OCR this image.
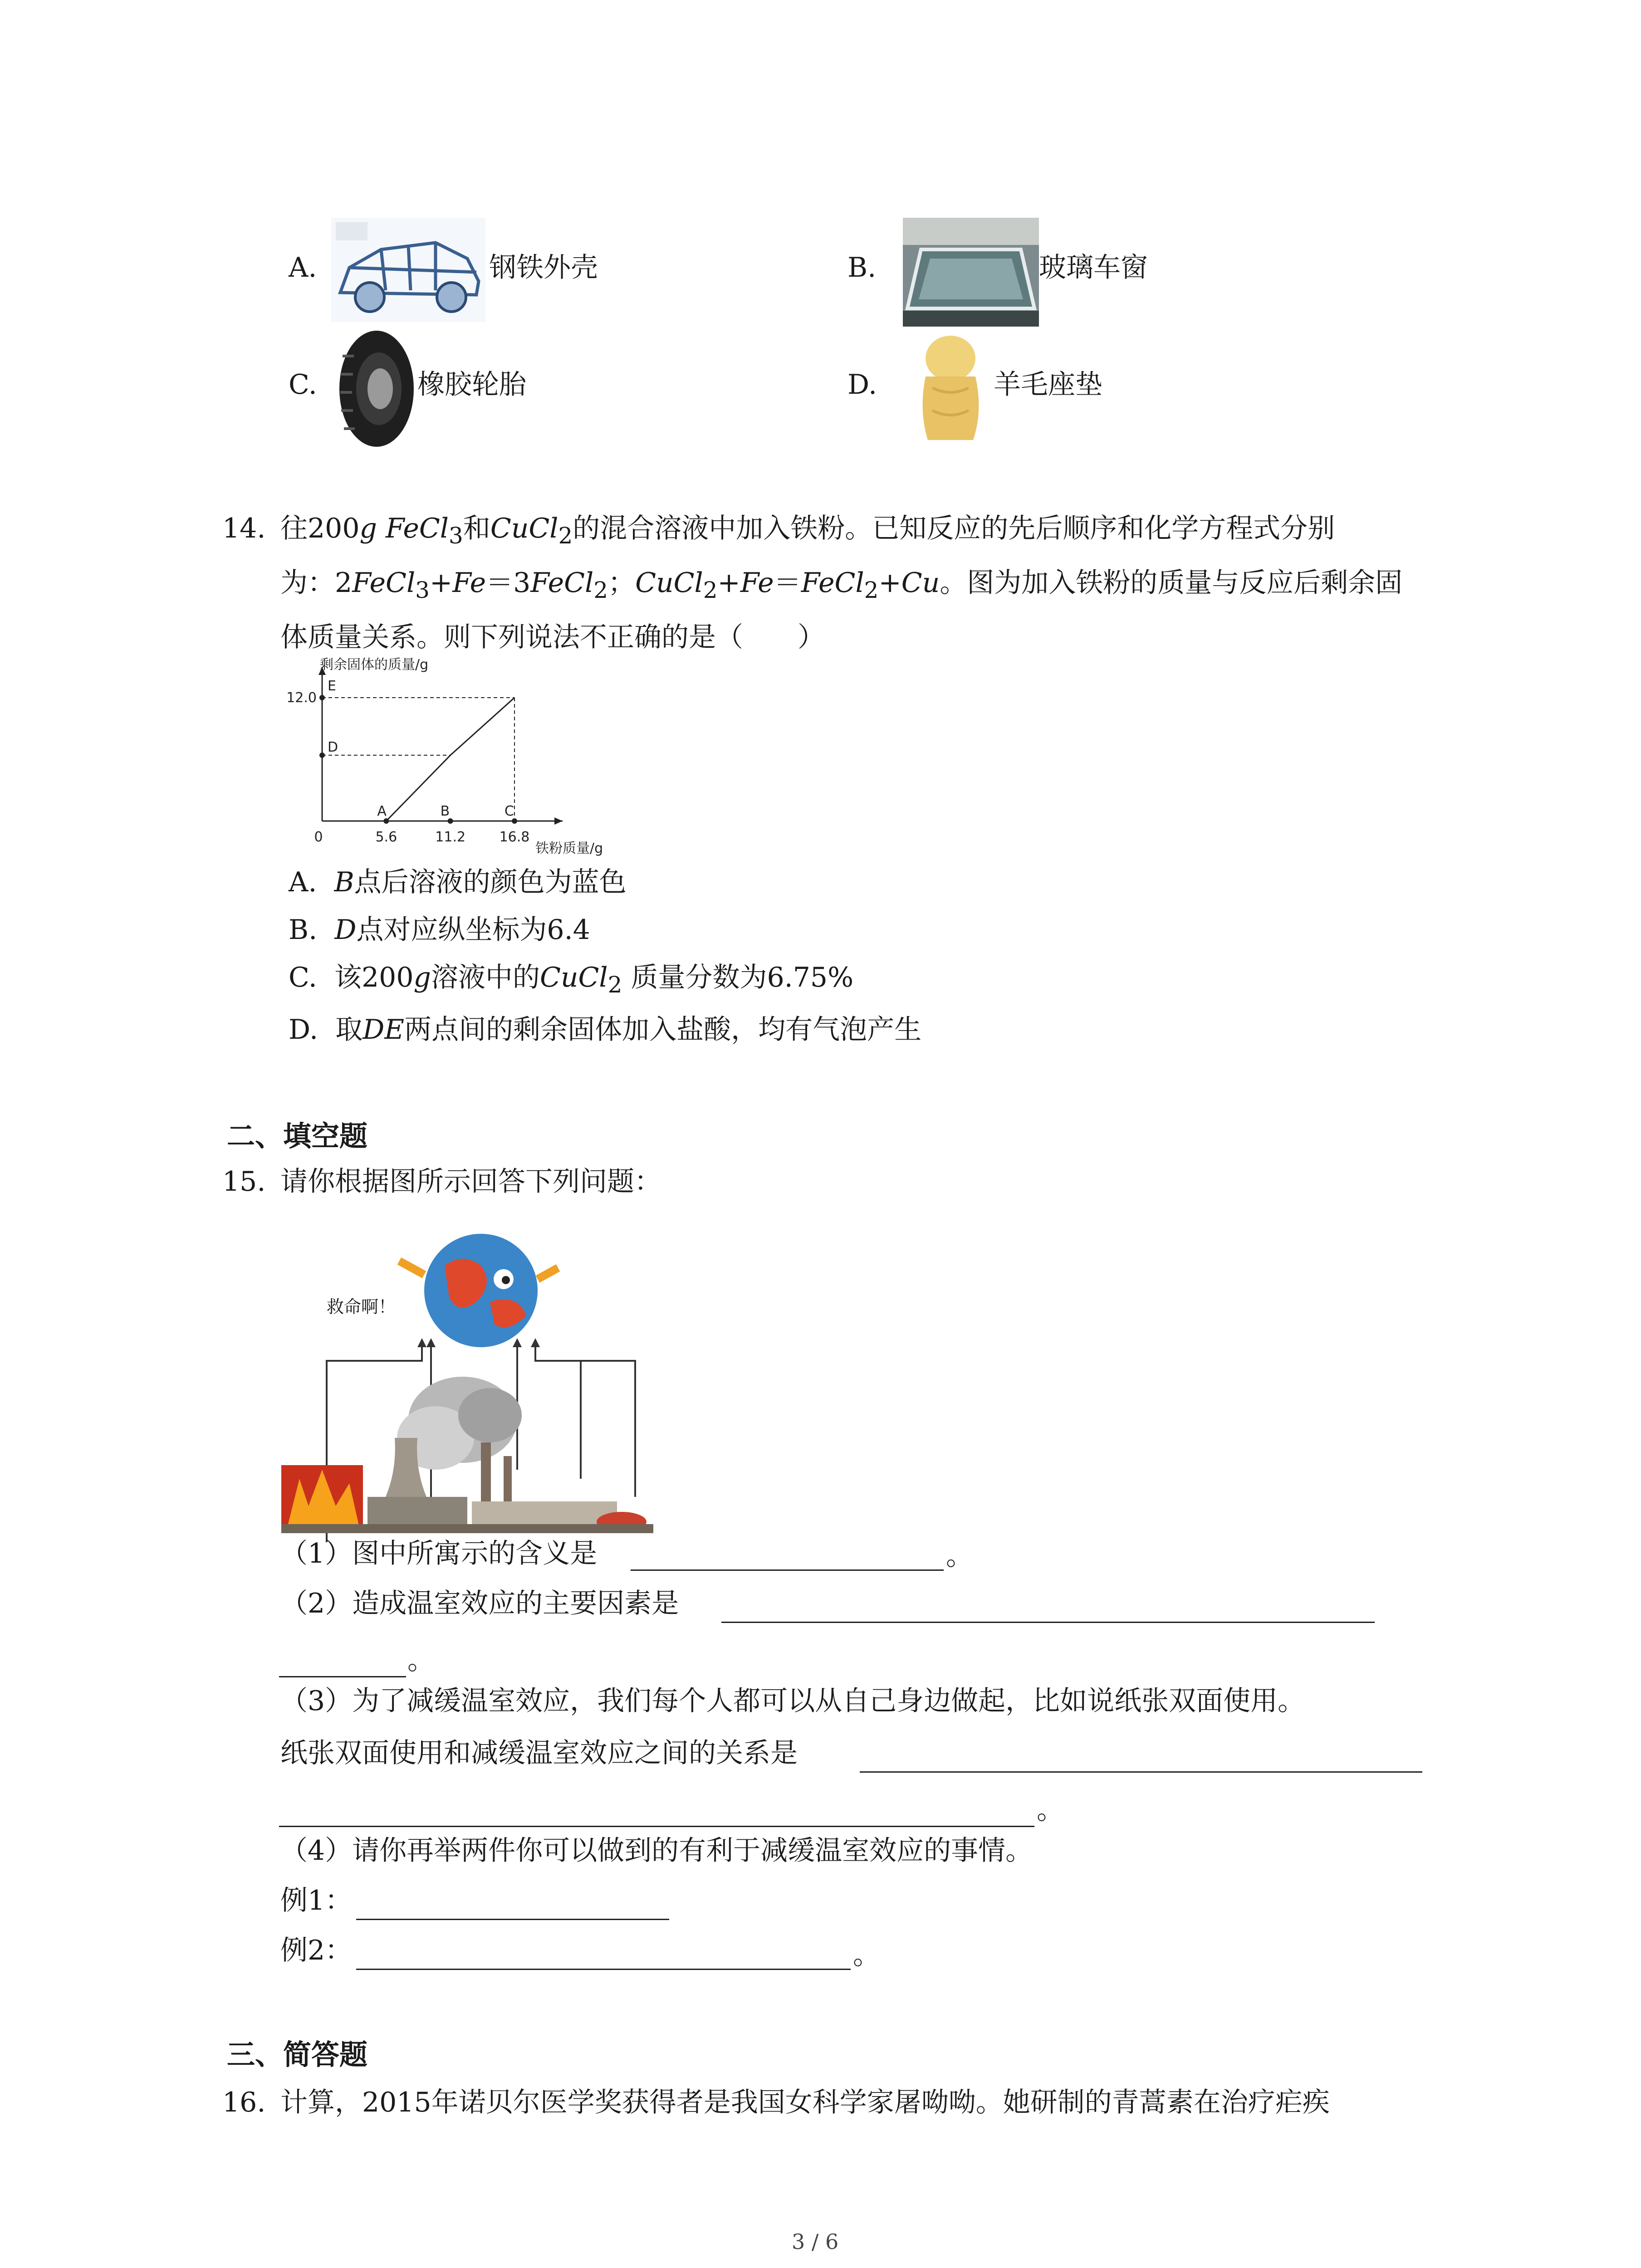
A.	钢铁外壳	B.	玻璃车窗
C.	橡胶轮胎	D.	羊毛座垫
14. 往200g FeCl$_3$和CuCl$_2$的混合溶液中加入铁粉。已知反应的先后顺序和化学方程式分别
为：2FeCl$_3$+Fe＝3FeCl$_2$；CuCl$_2$+Fe＝FeCl$_2$+Cu。图为加入铁粉的质量与反应后剩余固
体质量关系。则下列说法不正确的是（　　）
剩余固体的质量/g
铁粉质量/g
0	5.6	11.2 16.8
12.0
A	B	C
D
E
A. B点后溶液的颜色为蓝色
B. D点对应纵坐标为6.4
C. 该200g溶液中的CuCl$_2$ 质量分数为6.75%
D. 取DE两点间的剩余固体加入盐酸，均有气泡产生
二、填空题
15. 请你根据图所示回答下列问题：
救命啊！
（1）图中所寓示的含义是	。
（2）造成温室效应的主要因素是
。
（3）为了减缓温室效应，我们每个人都可以从自己身边做起，比如说纸张双面使用。
纸张双面使用和减缓温室效应之间的关系是
。
（4）请你再举两件你可以做到的有利于减缓温室效应的事情。
例1：
例2：	。
三、简答题
16. 计算，2015年诺贝尔医学奖获得者是我国女科学家屠呦呦。她研制的青蒿素在治疗疟疾
3 / 6
